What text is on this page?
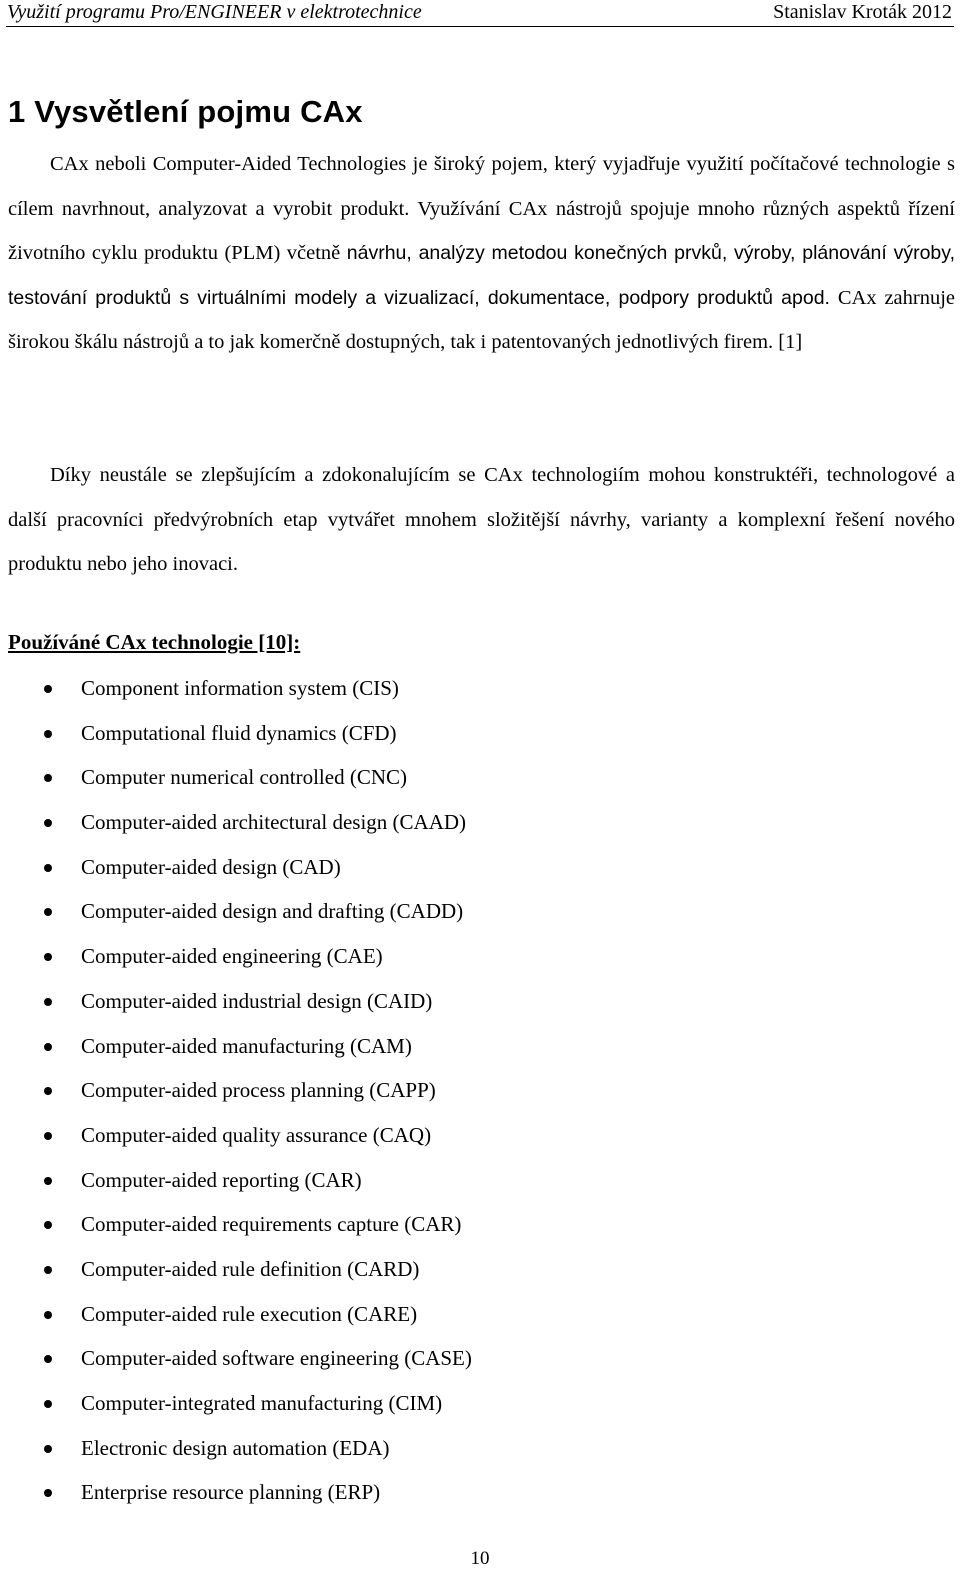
Využití programu Pro/ENGINEER v elektrotechnice	Stanislav Kroták 2012
1 Vysvětlení pojmu CAx

CAx neboli Computer-Aided Technologies je široký pojem, který vyjadřuje využití počítačové technologie s cílem navrhnout, analyzovat a vyrobit produkt. Využívání CAx nástrojů spojuje mnoho různých aspektů řízení životního cyklu produktu (PLM) včetně návrhu, analýzy metodou konečných prvků, výroby, plánování výroby, testování produktů s virtuálními modely a vizualizací, dokumentace, podpory produktů apod. CAx zahrnuje širokou škálu nástrojů a to jak komerčně dostupných, tak i patentovaných jednotlivých firem. [1]

Díky neustále se zlepšujícím a zdokonalujícím se CAx technologiím mohou konstruktéři, technologové a další pracovníci předvýrobních etap vytvářet mnohem složitější návrhy, varianty a komplexní řešení nového produktu nebo jeho inovaci.

Používáné CAx technologie [10]:
Component information system (CIS)
Computational fluid dynamics (CFD)
Computer numerical controlled (CNC)
Computer-aided architectural design (CAAD)
Computer-aided design (CAD)
Computer-aided design and drafting (CADD)
Computer-aided engineering (CAE)
Computer-aided industrial design (CAID)
Computer-aided manufacturing (CAM)
Computer-aided process planning (CAPP)
Computer-aided quality assurance (CAQ)
Computer-aided reporting (CAR)
Computer-aided requirements capture (CAR)
Computer-aided rule definition (CARD)
Computer-aided rule execution (CARE)
Computer-aided software engineering (CASE)
Computer-integrated manufacturing (CIM)
Electronic design automation (EDA)
Enterprise resource planning (ERP)
10
